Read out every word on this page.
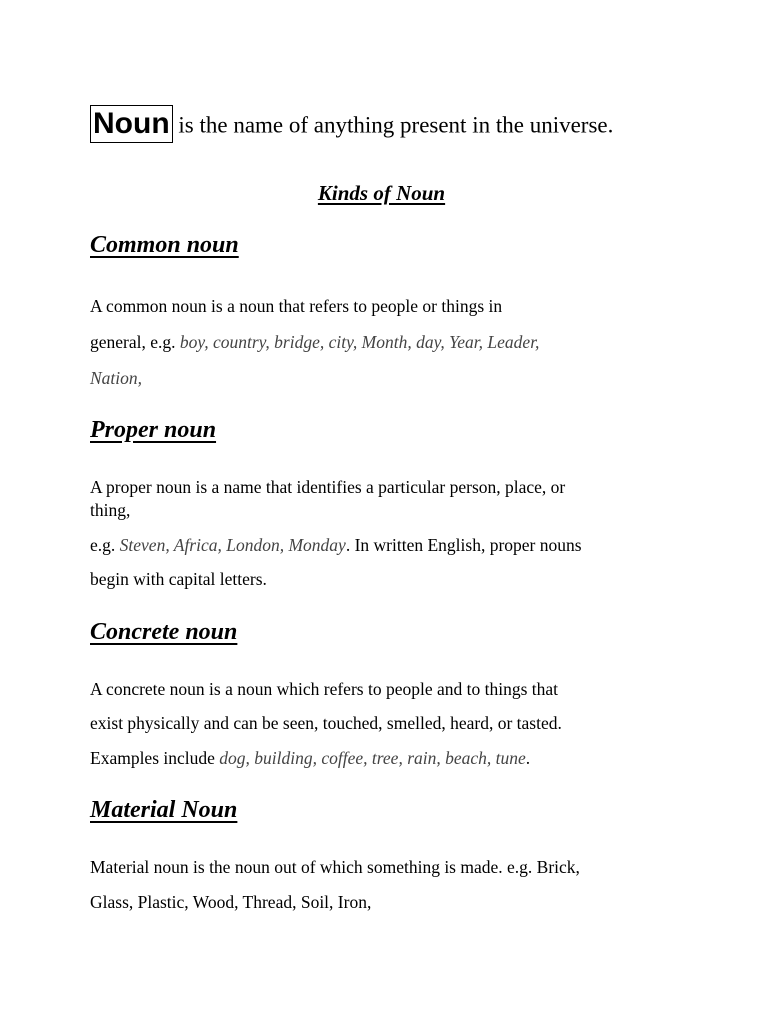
Noun is the name of anything present in the universe.

Kinds of Noun
Common noun

A common noun is a noun that refers to people or things in

general, e.g. boy, country, bridge, city, Month, day, Year, Leader,

Nation,

Proper noun

A proper noun is a name that identifies a particular person, place, or

thing,

e.g. Steven, Africa, London, Monday. In written English, proper nouns

begin with capital letters.

Concrete noun

A concrete noun is a noun which refers to people and to things that

exist physically and can be seen, touched, smelled, heard, or tasted.

Examples include dog, building, coffee, tree, rain, beach, tune.

Material Noun

Material noun is the noun out of which something is made. e.g. Brick,

Glass, Plastic, Wood, Thread, Soil, Iron,
